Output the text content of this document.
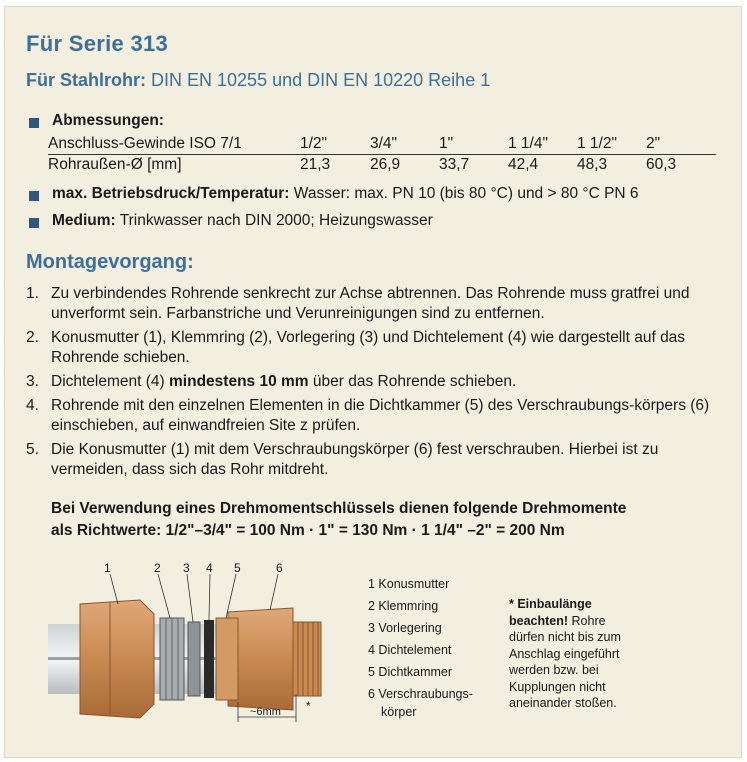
Für Serie 313
Für Stahlrohr: DIN EN 10255 und DIN EN 10220 Reihe 1
Abmessungen:
Anschluss-Gewinde ISO 7/1	1/2"	3/4"	1"	1 1/4"	1 1/2"	2"
Rohraußen-Ø [mm]	21,3	26,9	33,7	42,4	48,3	60,3
max. Betriebsdruck/Temperatur: Wasser: max. PN 10 (bis 80 °C) und > 80 °C PN 6
Medium: Trinkwasser nach DIN 2000; Heizungswasser
Montagevorgang:
1. Zu verbindendes Rohrende senkrecht zur Achse abtrennen. Das Rohrende muss gratfrei und unverformt sein. Farbanstriche und Verunreinigungen sind zu entfernen.
2. Konusmutter (1), Klemmring (2), Vorlegering (3) und Dichtelement (4) wie dargestellt auf das Rohrende schieben.
3. Dichtelement (4) mindestens 10 mm über das Rohrende schieben.
4. Rohrende mit den einzelnen Elementen in die Dichtkammer (5) des Verschraubungs-körpers (6) einschieben, auf einwandfreien Site z prüfen.
5. Die Konusmutter (1) mit dem Verschraubungskörper (6) fest verschrauben. Hierbei ist zu vermeiden, dass sich das Rohr mitdreht.
Bei Verwendung eines Drehmomentschlüssels dienen folgende Drehmomente
als Richtwerte: 1/2"–3/4" = 100 Nm · 1" = 130 Nm · 1 1/4" –2" = 200 Nm
1	2 3 4 5	6
~6mm *
1 Konusmutter
2 Klemmring
3 Vorlegering
4 Dichtelement
5 Dichtkammer
6 Verschraubungs-
körper
* Einbaulänge beachten! Rohre dürfen nicht bis zum Anschlag eingeführt werden bzw. bei Kupplungen nicht aneinander stoßen.
